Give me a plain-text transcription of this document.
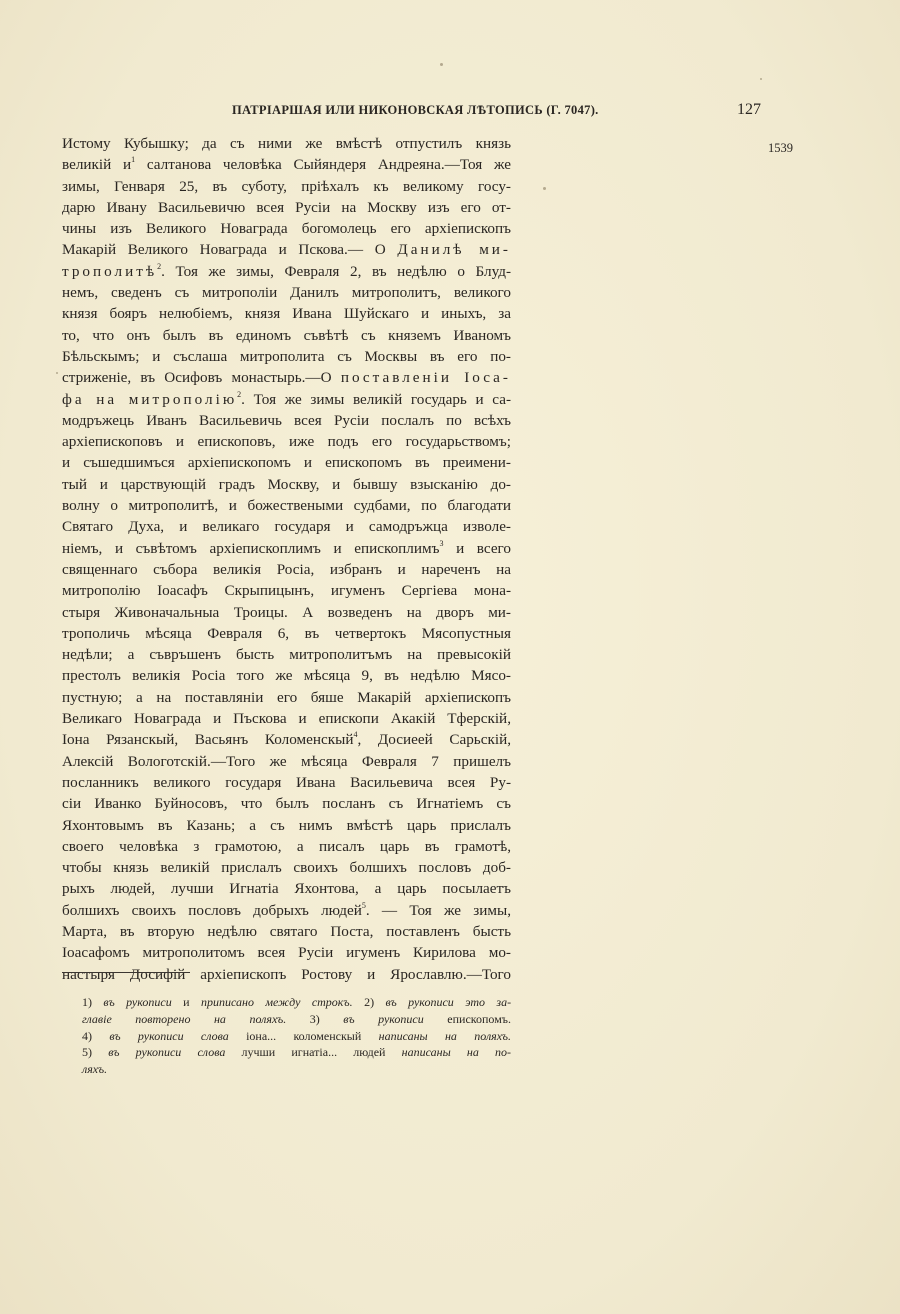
ПАТРІАРШАЯ ИЛИ НИКОНОВСКАЯ ЛѢТОПИСЬ (Г. 7047).	127
1539
Истому Кубышку; да съ ними же вмѣстѣ отпустилъ князь
великій $и^1$ салтанова человѣка Сыйяндеря Андреяна.—Тоя же
зимы, Генваря 25, въ суботу, пріѣхалъ къ великому госу-
дарю Ивану Васильевичю всея Русіи на Москву изъ его от-
чины изъ Великого Новаграда богомолець его архіепископъ
Макарій Великого Новаграда и Пскова.— О Данилѣ ми-
трополитѣ$^2$. Тоя же зимы, Февраля 2, въ недѣлю о Блуд-
немъ, сведенъ съ митрополіи Данилъ митрополитъ, великого
князя бояръ нелюбіемъ, князя Ивана Шуйскаго и иныхъ, за
то, что онъ былъ въ единомъ съвѣтѣ съ княземъ Иваномъ
Бѣльскымъ; и съслаша митрополита съ Москвы въ его по-
стриженіе, въ Осифовъ монастырь.—О поставленіи Іоса-
фа на митрополію$^2$. Тоя же зимы великій государь и са-
модръжець Иванъ Васильевичь всея Русіи послалъ по всѣхъ
архіепископовъ и епископовъ, иже подъ его государьствомъ;
и съшедшимъся архіепископомъ и епископомъ въ преимени-
тый и царствующій градъ Москву, и бывшу взысканію до-
волну о митрополитѣ, и божествеными судбами, по благодати
Святаго Духа, и великаго государя и самодръжца изволе-
ніемъ, и съвѣтомъ архіепископлимъ и епископлимъ$^3$ и всего
священнаго събора великія Росіа, избранъ и нареченъ на
митрополію Іоасафъ Скрыпицынъ, игуменъ Сергіева мона-
стыря Живоначальныа Троицы. А возведенъ на дворъ ми-
трополичь мѣсяца Февраля 6, въ четвертокъ Мясопустныя
недѣли; а съвръшенъ бысть митрополитъмъ на превысокій
престолъ великія Росіа того же мѣсяца 9, въ недѣлю Мясо-
пустную; а на поставляніи его бяше Макарій архіепископъ
Великаго Новаграда и Пъскова и епископи Акакій Тферскій,
Іона Рязанскый, Васьянъ Коломенскый$^4$, Досиеей Сарьскій,
Алексій Вологотскій.—Того же мѣсяца Февраля 7 пришелъ
посланникъ великого государя Ивана Васильевича всея Ру-
сіи Иванко Буйносовъ, что былъ посланъ съ Игнатіемъ съ
Яхонтовымъ въ Казань; а съ нимъ вмѣстѣ царь прислалъ
своего человѣка з грамотою, а писалъ царь въ грамотѣ,
чтобы князь великій прислалъ своихъ болшихъ пословъ доб-
рыхъ людей, лучши Игнатіа Яхонтова, а царь посылаетъ
болшихъ своихъ пословъ добрыхъ людей$^5$. — Тоя же зимы,
Марта, въ вторую недѣлю святаго Поста, поставленъ бысть
Іоасафомъ митрополитомъ всея Русіи игуменъ Кирилова мо-
настыря Досифій архіепископъ Ростову и Ярославлю.—Того
1) въ рукописи и приписано между строкъ. 2) въ рукописи это за-
главіе повторено на поляхъ. 3) въ рукописи епископомъ.
4) въ рукописи слова іона... коломенскый написаны на поляхъ.
5) въ рукописи слова лучши игнатіа... людей написаны на по-
ляхъ.
